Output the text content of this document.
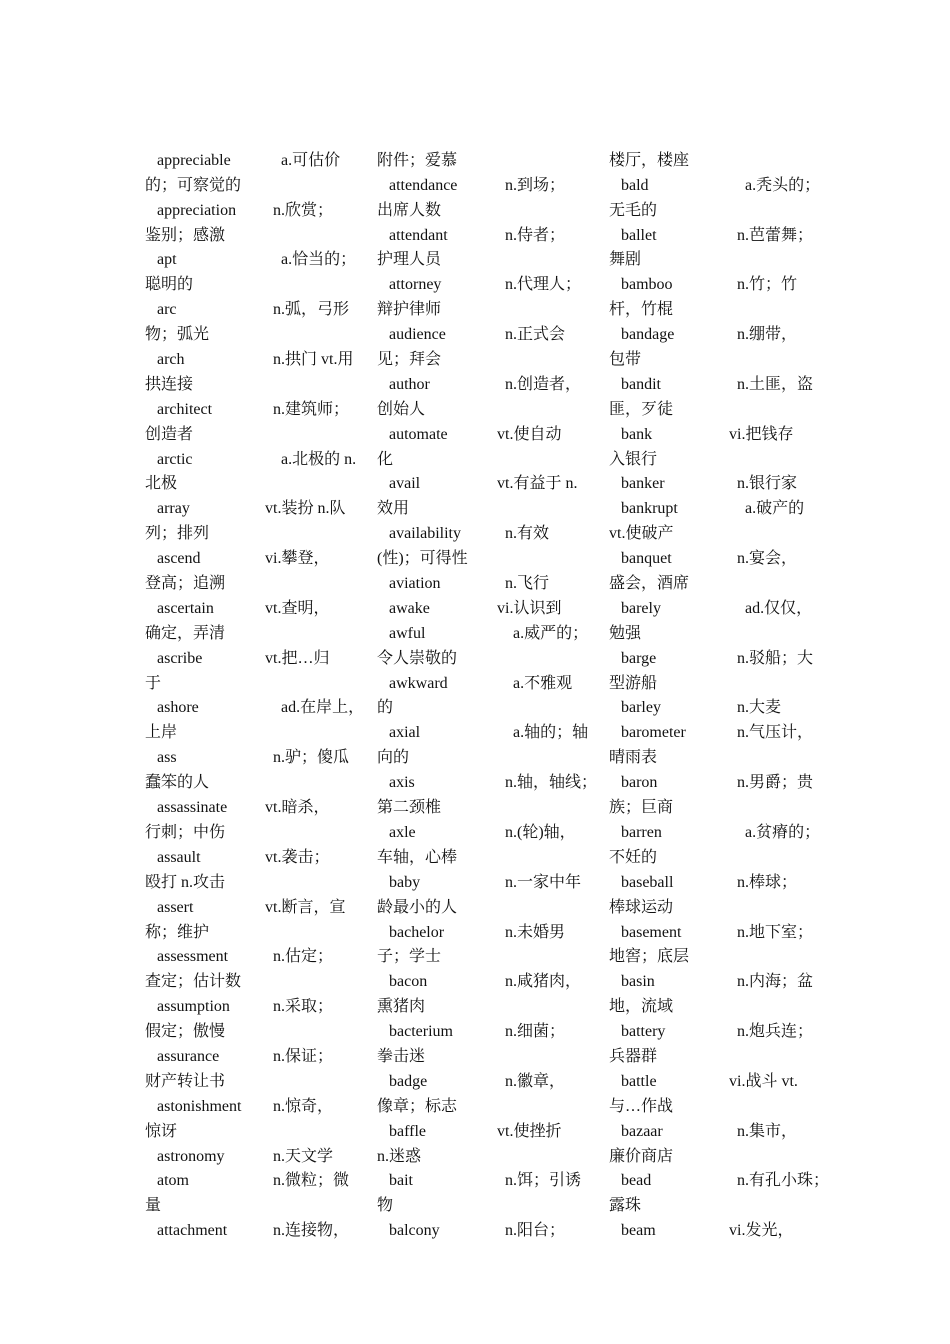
appreciable	a.可估价
的；可察觉的
appreciation n.欣赏；
鉴别；感激
apt	a.恰当的；
聪明的
arc	n.弧，弓形
物；弧光
arch	n.拱门 vt.用
拱连接
architect	n.建筑师；
创造者
arctic	a.北极的 n.
北极
array	vt.装扮 n.队
列；排列
ascend	vi.攀登，
登高；追溯
ascertain	vt.查明，
确定，弄清
ascribe	vt.把…归
于
ashore	ad.在岸上，
上岸
ass	n.驴；傻瓜
蠢笨的人
assassinate vt.暗杀，
行刺；中伤
assault	vt.袭击；
殴打 n.攻击
assert	vt.断言，宣
称；维护
assessment	n.估定；
查定；估计数
assumption	n.采取；
假定；傲慢
assurance	n.保证；
财产转让书
astonishment n.惊奇，
惊讶
astronomy	n.天文学
atom	n.微粒；微
量
attachment	n.连接物，
附件；爱慕
attendance	n.到场；
出席人数
attendant	n.侍者；
护理人员
attorney	n.代理人；
辩护律师
audience	n.正式会
见；拜会
author	n.创造者，
创始人
automate	vt.使自动
化
avail	vt.有益于 n.
效用
availability	n.有效
(性)；可得性
aviation	n.飞行
awake	vi.认识到
awful	a.威严的；
令人崇敬的
awkward	a.不雅观
的
axial	a.轴的；轴
向的
axis	n.轴，轴线；
第二颈椎
axle	n.(轮)轴，
车轴，心棒
baby	n.一家中年
龄最小的人
bachelor	n.未婚男
子；学士
bacon	n.咸猪肉，
熏猪肉
bacterium	n.细菌；
拳击迷
badge	n.徽章，
像章；标志
baffle	vt.使挫折
n.迷惑
bait	n.饵；引诱
物
balcony	n.阳台；
楼厅，楼座
bald	a.秃头的；
无毛的
ballet	n.芭蕾舞；
舞剧
bamboo	n.竹；竹
杆，竹棍
bandage	n.绷带，
包带
bandit	n.土匪，盗
匪，歹徒
bank	vi.把钱存
入银行
banker	n.银行家
bankrupt	a.破产的
vt.使破产
banquet	n.宴会，
盛会，酒席
barely	ad.仅仅，
勉强
barge	n.驳船；大
型游船
barley	n.大麦
barometer	n.气压计，
晴雨表
baron	n.男爵；贵
族；巨商
barren	a.贫瘠的；
不妊的
baseball	n.棒球；
棒球运动
basement	n.地下室；
地窖；底层
basin	n.内海；盆
地，流域
battery	n.炮兵连；
兵器群
battle	vi.战斗 vt.
与…作战
bazaar	n.集市，
廉价商店
bead	n.有孔小珠；
露珠
beam	vi.发光，
